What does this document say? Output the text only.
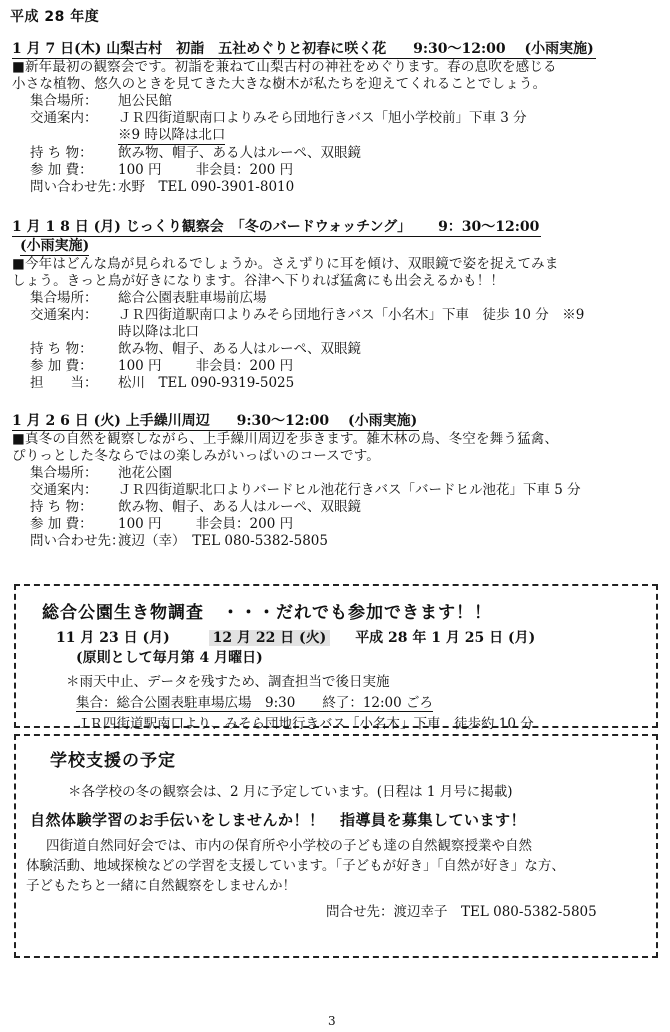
平成 28 年度
1 月 7 日(木) 山梨古村　初詣　五社めぐりと初春に咲く花 9:30～12:00 (小雨実施)

■新年最初の観察会です。初詣を兼ねて山梨古村の神社をめぐります。春の息吹を感じる

小さな植物、悠久のときを見てきた大きな樹木が私たちを迎えてくれることでしょう。

集合場所：	旭公民館
交通案内：	ＪＲ四街道駅南口よりみそら団地行きバス「旭小学校前」下車 3 分
※9 時以降は北口
持 ち 物：	飲み物、帽子、ある人はルーペ、双眼鏡
参 加 費：	100 円	非会員：200 円
問い合わせ先：
水野　TEL 090-3901-8010
1 月 1 8 日 (月) じっくり観察会　「冬のバードウォッチング」 9：30～12:00
(小雨実施)

■今年はどんな鳥が見られるでしょうか。さえずりに耳を傾け、双眼鏡で姿を捉えてみま

しょう。きっと鳥が好きになります。谷津へ下りれば猛禽にも出会えるかも！！

集合場所：	総合公園表駐車場前広場
交通案内：	ＪＲ四街道駅南口よりみそら団地行きバス「小名木」下車　徒歩 10 分　※9
時以降は北口
持 ち 物：	飲み物、帽子、ある人はルーペ、双眼鏡
参 加 費：	100 円	非会員：200 円
担　　当：	松川　TEL 090-9319-5025
1 月 2 6 日 (火) 上手繰川周辺 9:30～12:00 (小雨実施)

■真冬の自然を観察しながら、上手繰川周辺を歩きます。雑木林の鳥、冬空を舞う猛禽、

ぴりっとした冬ならではの楽しみがいっぱいのコースです。

集合場所：	池花公園
交通案内：	ＪＲ四街道駅北口よりバードヒル池花行きバス「バードヒル池花」下車 5 分
持 ち 物：	飲み物、帽子、ある人はルーペ、双眼鏡
参 加 費：	100 円	非会員：200 円
問い合わせ先：
渡辺（幸）　TEL 080-5382-5805
総合公園生き物調査　・・・だれでも参加できます！！
11 月 23 日 (月)	12 月 22 日 (火) 平成 28 年 1 月 25 日 (月)
(原則として毎月第 4 月曜日)
＊雨天中止、データを残すため、調査担当で後日実施
集合：総合公園表駐車場広場　9:30　　終了：12:00 ごろ
ＪＲ四街道駅南口より、みそら団地行きバス「小名木」下車　徒歩約 10 分
学校支援の予定
＊各学校の冬の観察会は、2 月に予定しています。(日程は 1 月号に掲載)
自然体験学習のお手伝いをしませんか！！　指導員を募集しています！
四街道自然同好会では、市内の保育所や小学校の子ども達の自然観察授業や自然
体験活動、地域探検などの学習を支援しています。「子どもが好き」「自然が好き」な方、
子どもたちと一緒に自然観察をしませんか！
問合せ先：渡辺幸子　TEL 080-5382-5805
3
